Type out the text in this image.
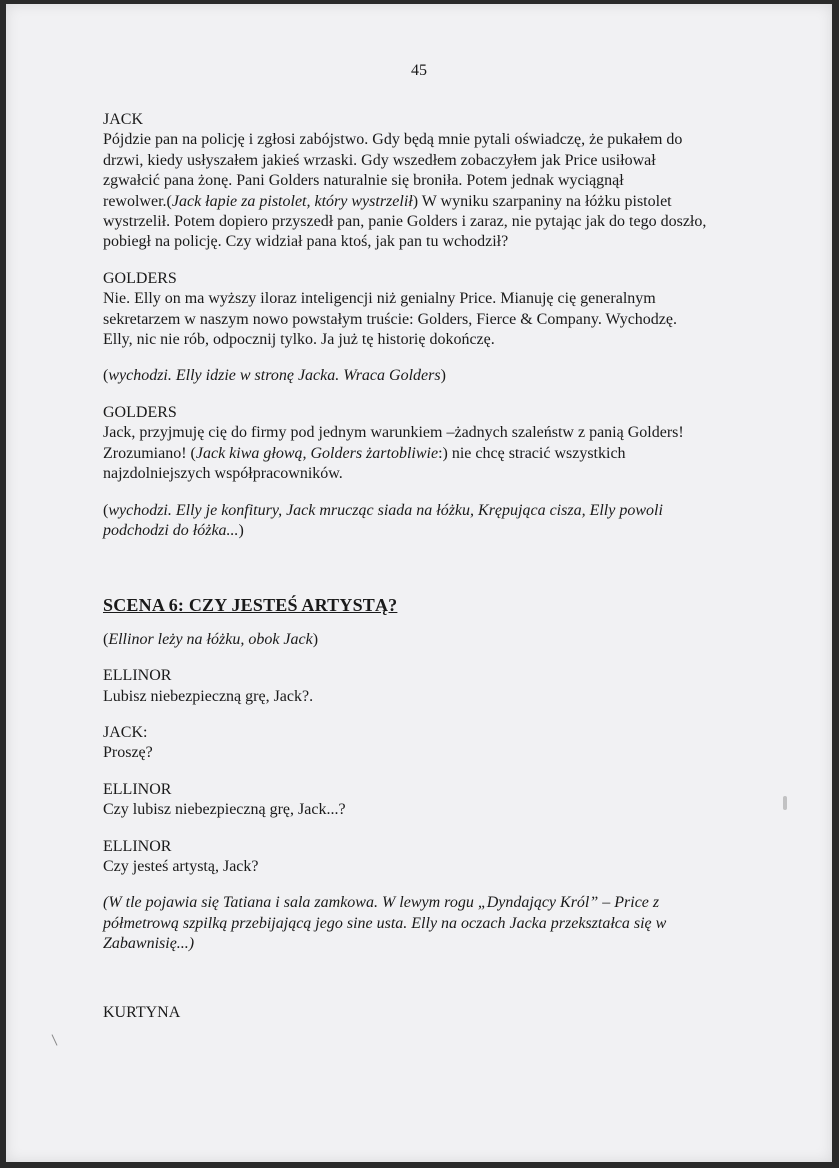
45
JACK
Pójdzie pan na policję i zgłosi zabójstwo. Gdy będą mnie pytali oświadczę, że pukałem do
drzwi, kiedy usłyszałem jakieś wrzaski. Gdy wszedłem zobaczyłem jak Price usiłował
zgwałcić pana żonę. Pani Golders naturalnie się broniła. Potem jednak wyciągnął
rewolwer.(Jack łapie za pistolet, który wystrzelił) W wyniku szarpaniny na łóżku pistolet
wystrzelił. Potem dopiero przyszedł pan, panie Golders i zaraz, nie pytając jak do tego doszło,
pobiegł na policję. Czy widział pana ktoś, jak pan tu wchodził?
GOLDERS
Nie. Elly on ma wyższy iloraz inteligencji niż genialny Price. Mianuję cię generalnym
sekretarzem w naszym nowo powstałym truście: Golders, Fierce & Company. Wychodzę.
Elly, nic nie rób, odpocznij tylko. Ja już tę historię dokończę.
(wychodzi. Elly idzie w stronę Jacka. Wraca Golders)
GOLDERS
Jack, przyjmuję cię do firmy pod jednym warunkiem –żadnych szaleństw z panią Golders!
Zrozumiano! (Jack kiwa głową, Golders żartobliwie:) nie chcę stracić wszystkich
najzdolniejszych współpracowników.
(wychodzi. Elly je konfitury, Jack mrucząc siada na łóżku, Krępująca cisza, Elly powoli
podchodzi do łóżka...)
SCENA 6: CZY JESTEŚ ARTYSTĄ?
(Ellinor leży na łóżku, obok Jack)
ELLINOR
Lubisz niebezpieczną grę, Jack?.
JACK:
Proszę?
ELLINOR
Czy lubisz niebezpieczną grę, Jack...?
ELLINOR
Czy jesteś artystą, Jack?
(W tle pojawia się Tatiana i sala zamkowa. W lewym rogu „Dyndający Król” – Price z
półmetrową szpilką przebijającą jego sine usta. Elly na oczach Jacka przekształca się w
Zabawnisię...)
KURTYNA
